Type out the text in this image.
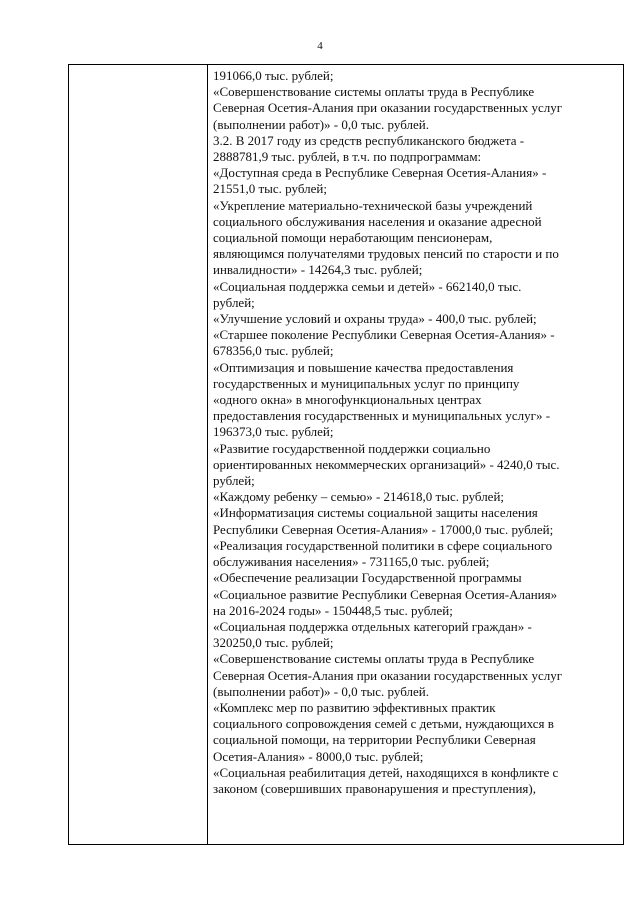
4
191066,0 тыс. рублей;
«Совершенствование системы оплаты труда в Республике
Северная Осетия-Алания при оказании государственных услуг
(выполнении работ)» - 0,0 тыс. рублей.
3.2. В 2017 году из средств республиканского бюджета -
2888781,9 тыс. рублей, в т.ч. по подпрограммам:
«Доступная среда в Республике Северная Осетия-Алания» -
21551,0 тыс. рублей;
«Укрепление материально-технической базы учреждений
социального обслуживания населения и оказание адресной
социальной помощи неработающим пенсионерам,
являющимся получателями трудовых пенсий по старости и по
инвалидности» - 14264,3 тыс. рублей;
«Социальная поддержка семьи и детей» - 662140,0 тыс.
рублей;
«Улучшение условий и охраны труда» - 400,0 тыс. рублей;
«Старшее поколение Республики Северная Осетия-Алания» -
678356,0 тыс. рублей;
«Оптимизация и повышение качества предоставления
государственных и муниципальных услуг по принципу
«одного окна» в многофункциональных центрах
предоставления государственных и муниципальных услуг» -
196373,0 тыс. рублей;
«Развитие государственной поддержки социально
ориентированных некоммерческих организаций» - 4240,0 тыс.
рублей;
«Каждому ребенку – семью» - 214618,0 тыс. рублей;
«Информатизация системы социальной защиты населения
Республики Северная Осетия-Алания» - 17000,0 тыс. рублей;
«Реализация государственной политики в сфере социального
обслуживания населения» - 731165,0 тыс. рублей;
«Обеспечение реализации Государственной программы
«Социальное развитие Республики Северная Осетия-Алания»
на 2016-2024 годы» - 150448,5 тыс. рублей;
«Социальная поддержка отдельных категорий граждан» -
320250,0 тыс. рублей;
«Совершенствование системы оплаты труда в Республике
Северная Осетия-Алания при оказании государственных услуг
(выполнении работ)» - 0,0 тыс. рублей.
«Комплекс мер по развитию эффективных практик
социального сопровождения семей с детьми, нуждающихся в
социальной помощи, на территории Республики Северная
Осетия-Алания» - 8000,0 тыс. рублей;
«Социальная реабилитация детей, находящихся в конфликте с
законом (совершивших правонарушения и преступления),
